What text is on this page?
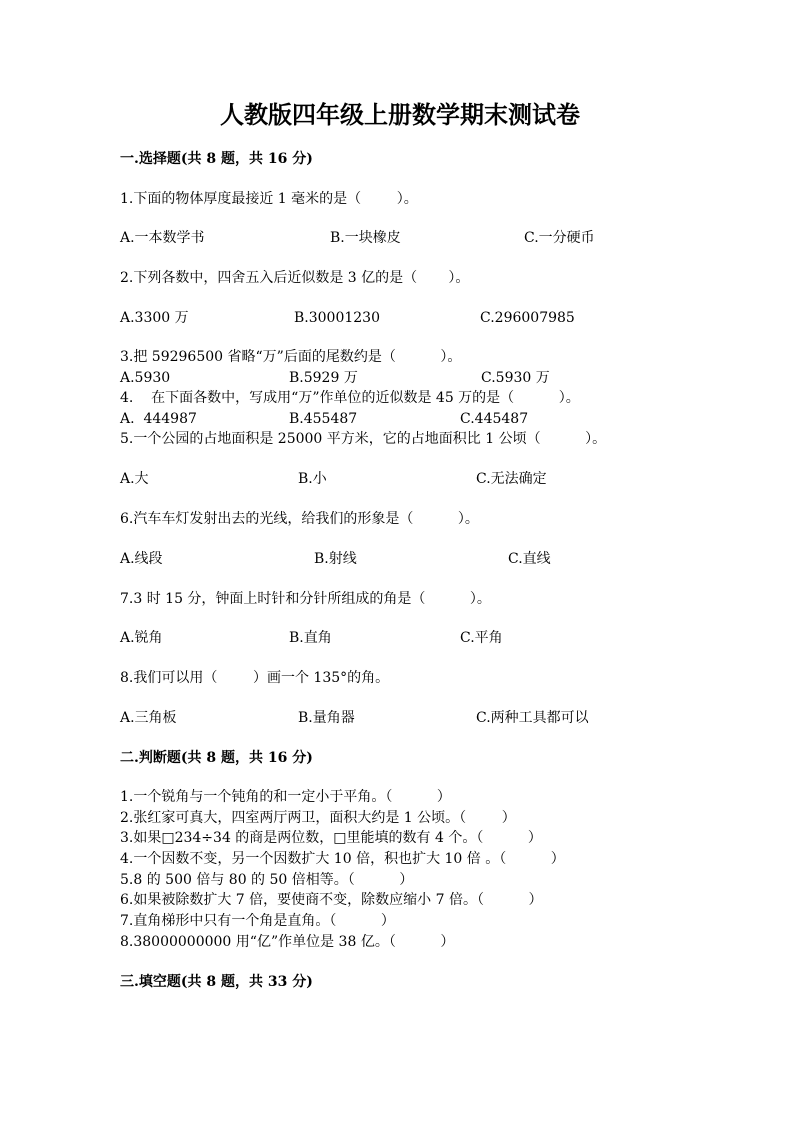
人教版四年级上册数学期末测试卷
一.选择题(共 8 题，共 16 分)
1.下面的物体厚度最接近 1 毫米的是（        ）。
A.一本数学书	B.一块橡皮	C.一分硬币
2.下列各数中，四舍五入后近似数是 3 亿的是（       ）。
A.3300 万	B.30001230	C.296007985
3.把 59296500 省略“万”后面的尾数约是（          ）。
A.5930	B.5929 万	C.5930 万
4.    在下面各数中，写成用“万”作单位的近似数是 45 万的是（          ）。
A.  444987	B.455487	C.445487
5.一个公园的占地面积是 25000 平方米，它的占地面积比 1 公顷（          ）。
A.大	B.小	C.无法确定
6.汽车车灯发射出去的光线，给我们的形象是（          ）。
A.线段	B.射线	C.直线
7.3 时 15 分，钟面上时针和分针所组成的角是（          ）。
A.锐角	B.直角	C.平角
8.我们可以用（        ）画一个 135°的角。
A.三角板	B.量角器	C.两种工具都可以
二.判断题(共 8 题，共 16 分)
1.一个锐角与一个钝角的和一定小于平角。（          ）
2.张红家可真大，四室两厅两卫，面积大约是 1 公顷。（        ）
3.如果□234÷34 的商是两位数，□里能填的数有 4 个。（          ）
4.一个因数不变，另一个因数扩大 10 倍，积也扩大 10 倍 。（          ）
5.8 的 500 倍与 80 的 50 倍相等。（          ）
6.如果被除数扩大 7 倍，要使商不变，除数应缩小 7 倍。（          ）
7.直角梯形中只有一个角是直角。（          ）
8.38000000000 用“亿”作单位是 38 亿。（          ）
三.填空题(共 8 题，共 33 分)
